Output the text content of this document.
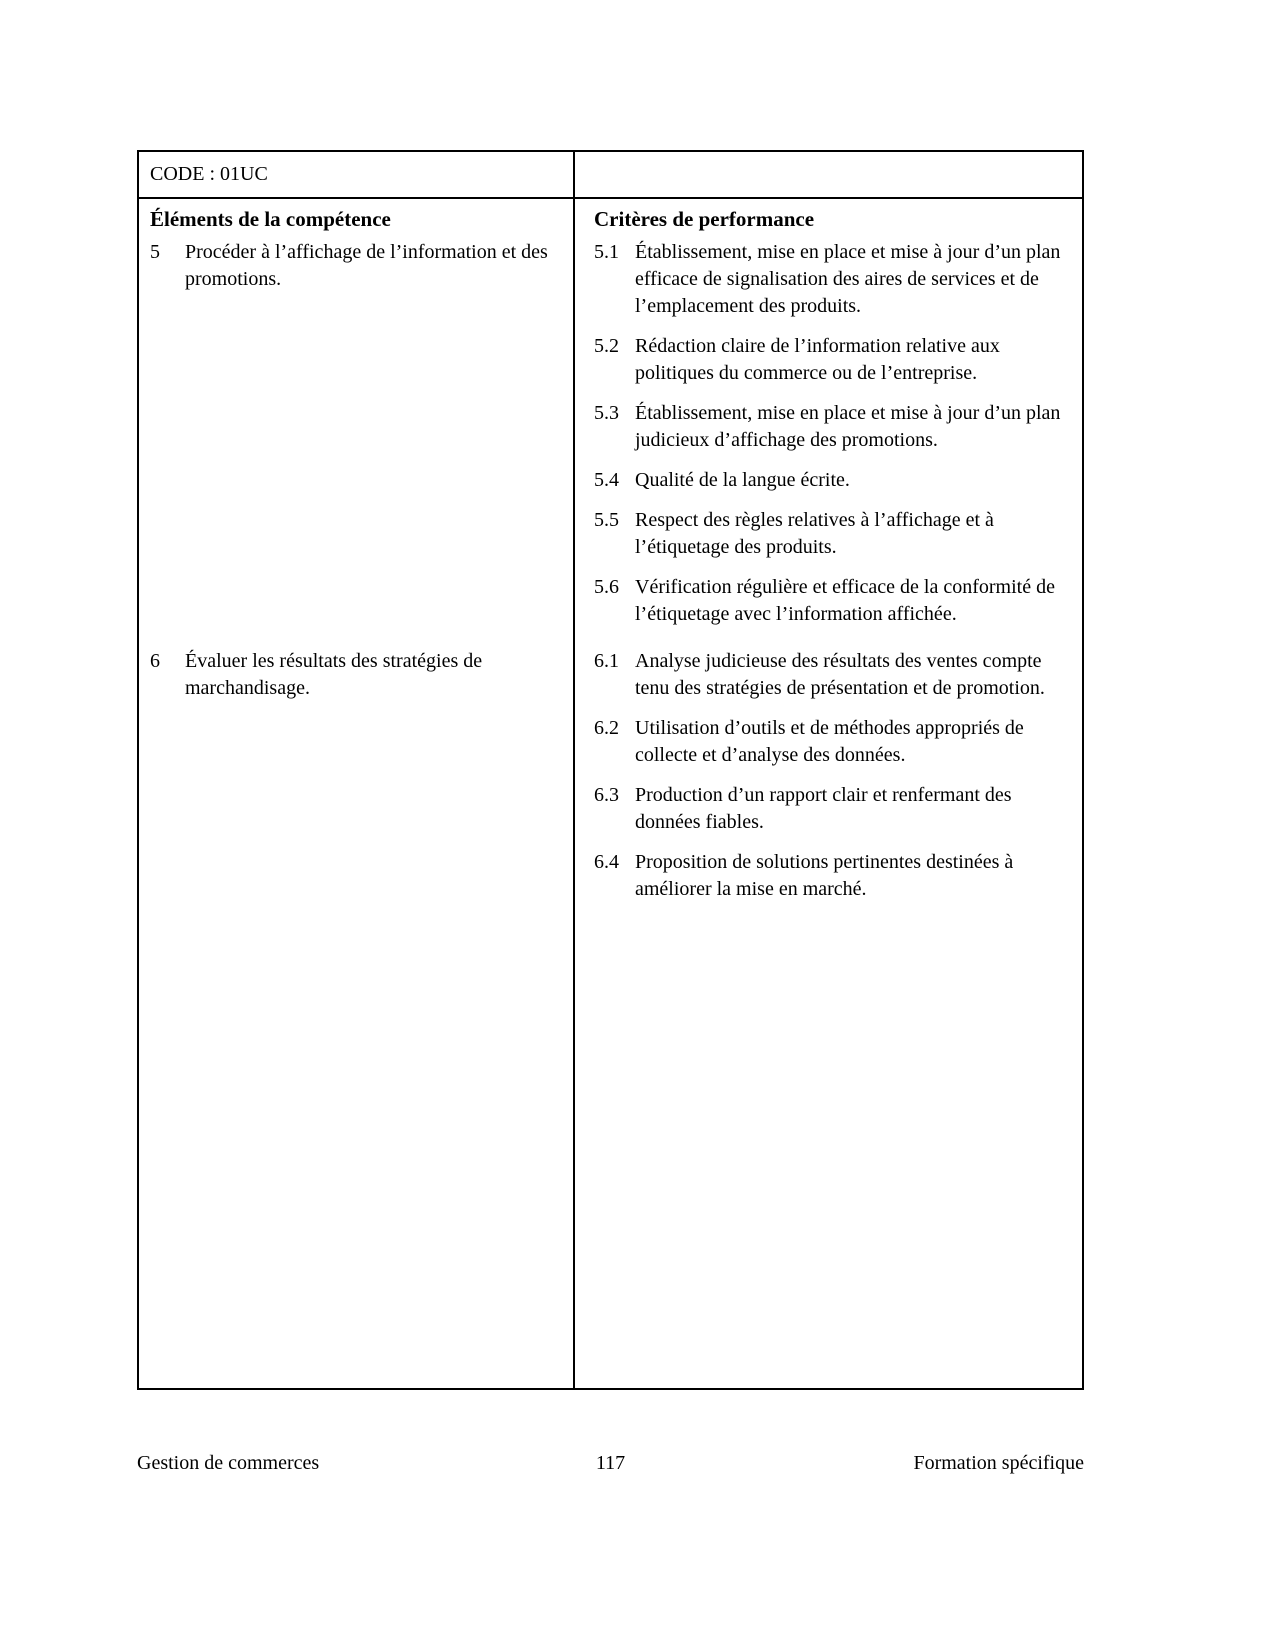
CODE : 01UC
Éléments de la compétence	Critères de performance
5	Procéder à l’affichage de l’information et des promotions.
5.1 Établissement, mise en place et mise à jour d’un plan efficace de signalisation des aires de services et de l’emplacement des produits.
5.2 Rédaction claire de l’information relative aux politiques du commerce ou de l’entreprise.
5.3 Établissement, mise en place et mise à jour d’un plan judicieux d’affichage des promotions.
5.4 Qualité de la langue écrite.
5.5 Respect des règles relatives à l’affichage et à l’étiquetage des produits.
5.6 Vérification régulière et efficace de la conformité de l’étiquetage avec l’information affichée.
6	Évaluer les résultats des stratégies de marchandisage.
6.1 Analyse judicieuse des résultats des ventes compte tenu des stratégies de présentation et de promotion.
6.2 Utilisation d’outils et de méthodes appropriés de collecte et d’analyse des données.
6.3 Production d’un rapport clair et renfermant des données fiables.
6.4 Proposition de solutions pertinentes destinées à améliorer la mise en marché.
Gestion de commerces	117	Formation spécifique
